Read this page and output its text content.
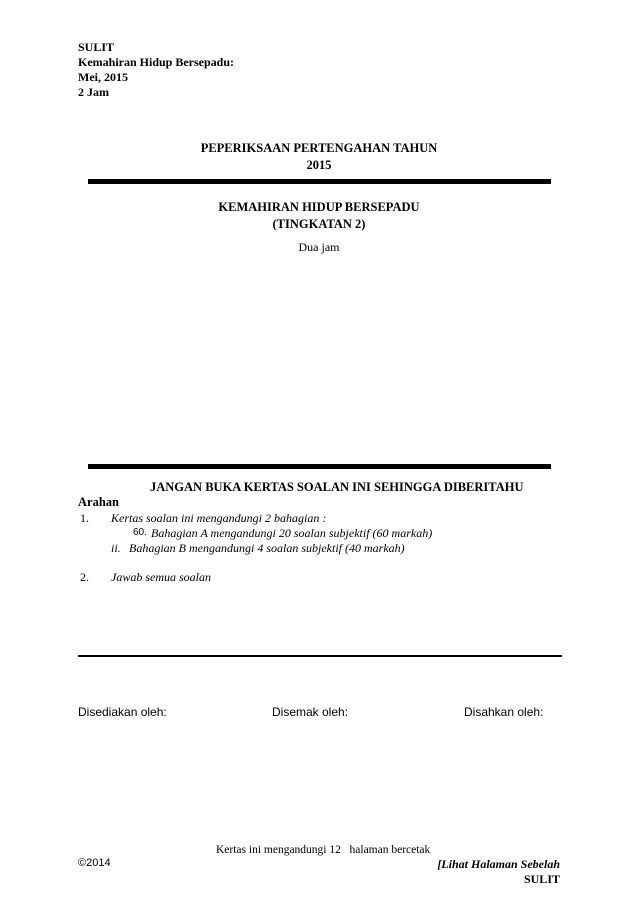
SULIT
Kemahiran Hidup Bersepadu:
Mei, 2015
2 Jam
PEPERIKSAAN PERTENGAHAN TAHUN
2015
KEMAHIRAN HIDUP BERSEPADU
(TINGKATAN 2)
Dua jam
JANGAN BUKA KERTAS SOALAN INI SEHINGGA DIBERITAHU
Arahan
1. Kertas soalan ini mengandungi 2 bahagian :
60. Bahagian A mengandungi 20 soalan subjektif (60 markah)
ii. Bahagian B mengandungi 4 soalan subjektif (40 markah)
2. Jawab semua soalan
Disediakan oleh:	Disemak oleh:	Disahkan oleh:
Kertas ini mengandungi 12 halaman bercetak
©2014	[Lihat Halaman Sebelah
SULIT
